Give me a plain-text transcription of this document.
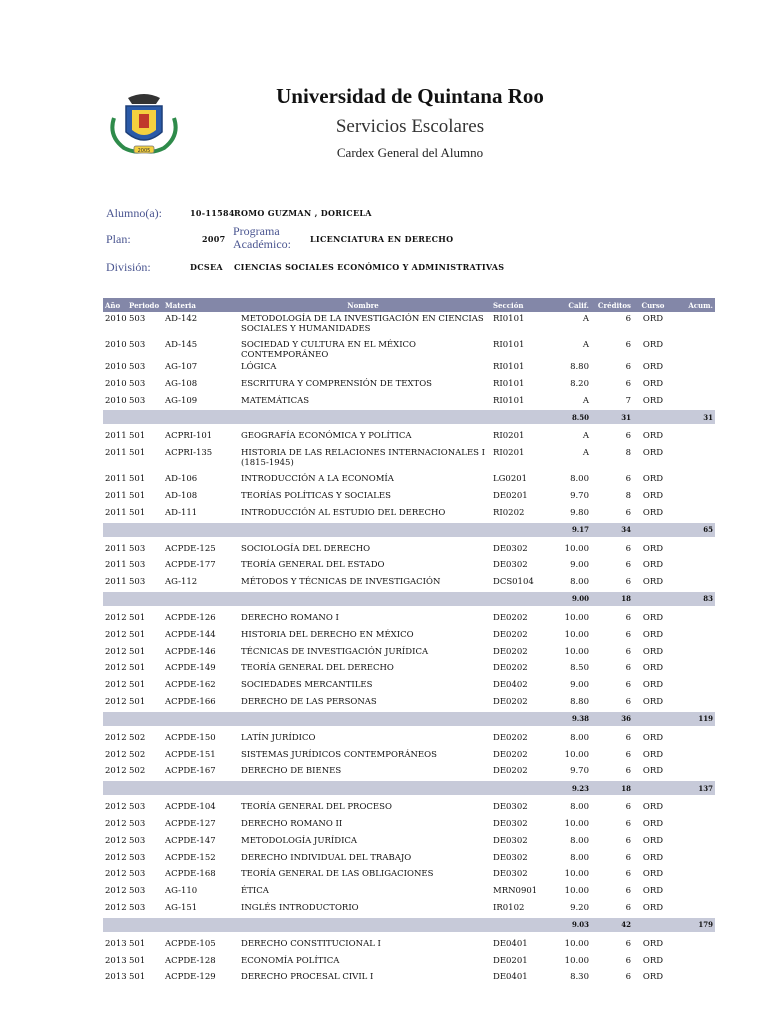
2005
Universidad de Quintana Roo
Servicios Escolares
Cardex General del Alumno
Alumno(a):	10-11584 ROMO GUZMAN , DORICELA
Plan:	2007
Programa
Académico: LICENCIATURA EN DERECHO
División:	DCSEA CIENCIAS SOCIALES ECONÓMICO Y ADMINISTRATIVAS
Año	Periodo	Materia	Nombre	Sección	Calif.	Créditos	Curso	Acum.
2010	503	AD-142	METODOLOGÍA DE LA INVESTIGACIÓN EN CIENCIAS SOCIALES Y HUMANIDADES	RI0101	A	6	ORD	
2010	503	AD-145	SOCIEDAD Y CULTURA EN EL MÉXICO CONTEMPORÁNEO	RI0101	A	6	ORD	
2010	503	AG-107	LÓGICA	RI0101	8.80	6	ORD	
2010	503	AG-108	ESCRITURA Y COMPRENSIÓN DE TEXTOS	RI0101	8.20	6	ORD	
2010	503	AG-109	MATEMÁTICAS	RI0101	A	7	ORD	
					8.50	31		31

2011	501	ACPRI-101	GEOGRAFÍA ECONÓMICA Y POLÍTICA	RI0201	A	6	ORD	
2011	501	ACPRI-135	HISTORIA DE LAS RELACIONES INTERNACIONALES I (1815-1945)	RI0201	A	8	ORD	
2011	501	AD-106	INTRODUCCIÓN A LA ECONOMÍA	LG0201	8.00	6	ORD	
2011	501	AD-108	TEORÍAS POLÍTICAS Y SOCIALES	DE0201	9.70	8	ORD	
2011	501	AD-111	INTRODUCCIÓN AL ESTUDIO DEL DERECHO	RI0202	9.80	6	ORD	
					9.17	34		65

2011	503	ACPDE-125	SOCIOLOGÍA DEL DERECHO	DE0302	10.00	6	ORD	
2011	503	ACPDE-177	TEORÍA GENERAL DEL ESTADO	DE0302	9.00	6	ORD	
2011	503	AG-112	MÉTODOS Y TÉCNICAS DE INVESTIGACIÓN	DCS0104	8.00	6	ORD	
					9.00	18		83

2012	501	ACPDE-126	DERECHO ROMANO I	DE0202	10.00	6	ORD	
2012	501	ACPDE-144	HISTORIA DEL DERECHO EN MÉXICO	DE0202	10.00	6	ORD	
2012	501	ACPDE-146	TÉCNICAS DE INVESTIGACIÓN JURÍDICA	DE0202	10.00	6	ORD	
2012	501	ACPDE-149	TEORÍA GENERAL DEL DERECHO	DE0202	8.50	6	ORD	
2012	501	ACPDE-162	SOCIEDADES MERCANTILES	DE0402	9.00	6	ORD	
2012	501	ACPDE-166	DERECHO DE LAS PERSONAS	DE0202	8.80	6	ORD	
					9.38	36		119

2012	502	ACPDE-150	LATÍN JURÍDICO	DE0202	8.00	6	ORD	
2012	502	ACPDE-151	SISTEMAS JURÍDICOS CONTEMPORÁNEOS	DE0202	10.00	6	ORD	
2012	502	ACPDE-167	DERECHO DE BIENES	DE0202	9.70	6	ORD	
					9.23	18		137

2012	503	ACPDE-104	TEORÍA GENERAL DEL PROCESO	DE0302	8.00	6	ORD	
2012	503	ACPDE-127	DERECHO ROMANO II	DE0302	10.00	6	ORD	
2012	503	ACPDE-147	METODOLOGÍA JURÍDICA	DE0302	8.00	6	ORD	
2012	503	ACPDE-152	DERECHO INDIVIDUAL DEL TRABAJO	DE0302	8.00	6	ORD	
2012	503	ACPDE-168	TEORÍA GENERAL DE LAS OBLIGACIONES	DE0302	10.00	6	ORD	
2012	503	AG-110	ÉTICA	MRN0901	10.00	6	ORD	
2012	503	AG-151	INGLÉS INTRODUCTORIO	IR0102	9.20	6	ORD	
					9.03	42		179

2013	501	ACPDE-105	DERECHO CONSTITUCIONAL I	DE0401	10.00	6	ORD	
2013	501	ACPDE-128	ECONOMÍA POLÍTICA	DE0201	10.00	6	ORD	
2013	501	ACPDE-129	DERECHO PROCESAL CIVIL I	DE0401	8.30	6	ORD	
